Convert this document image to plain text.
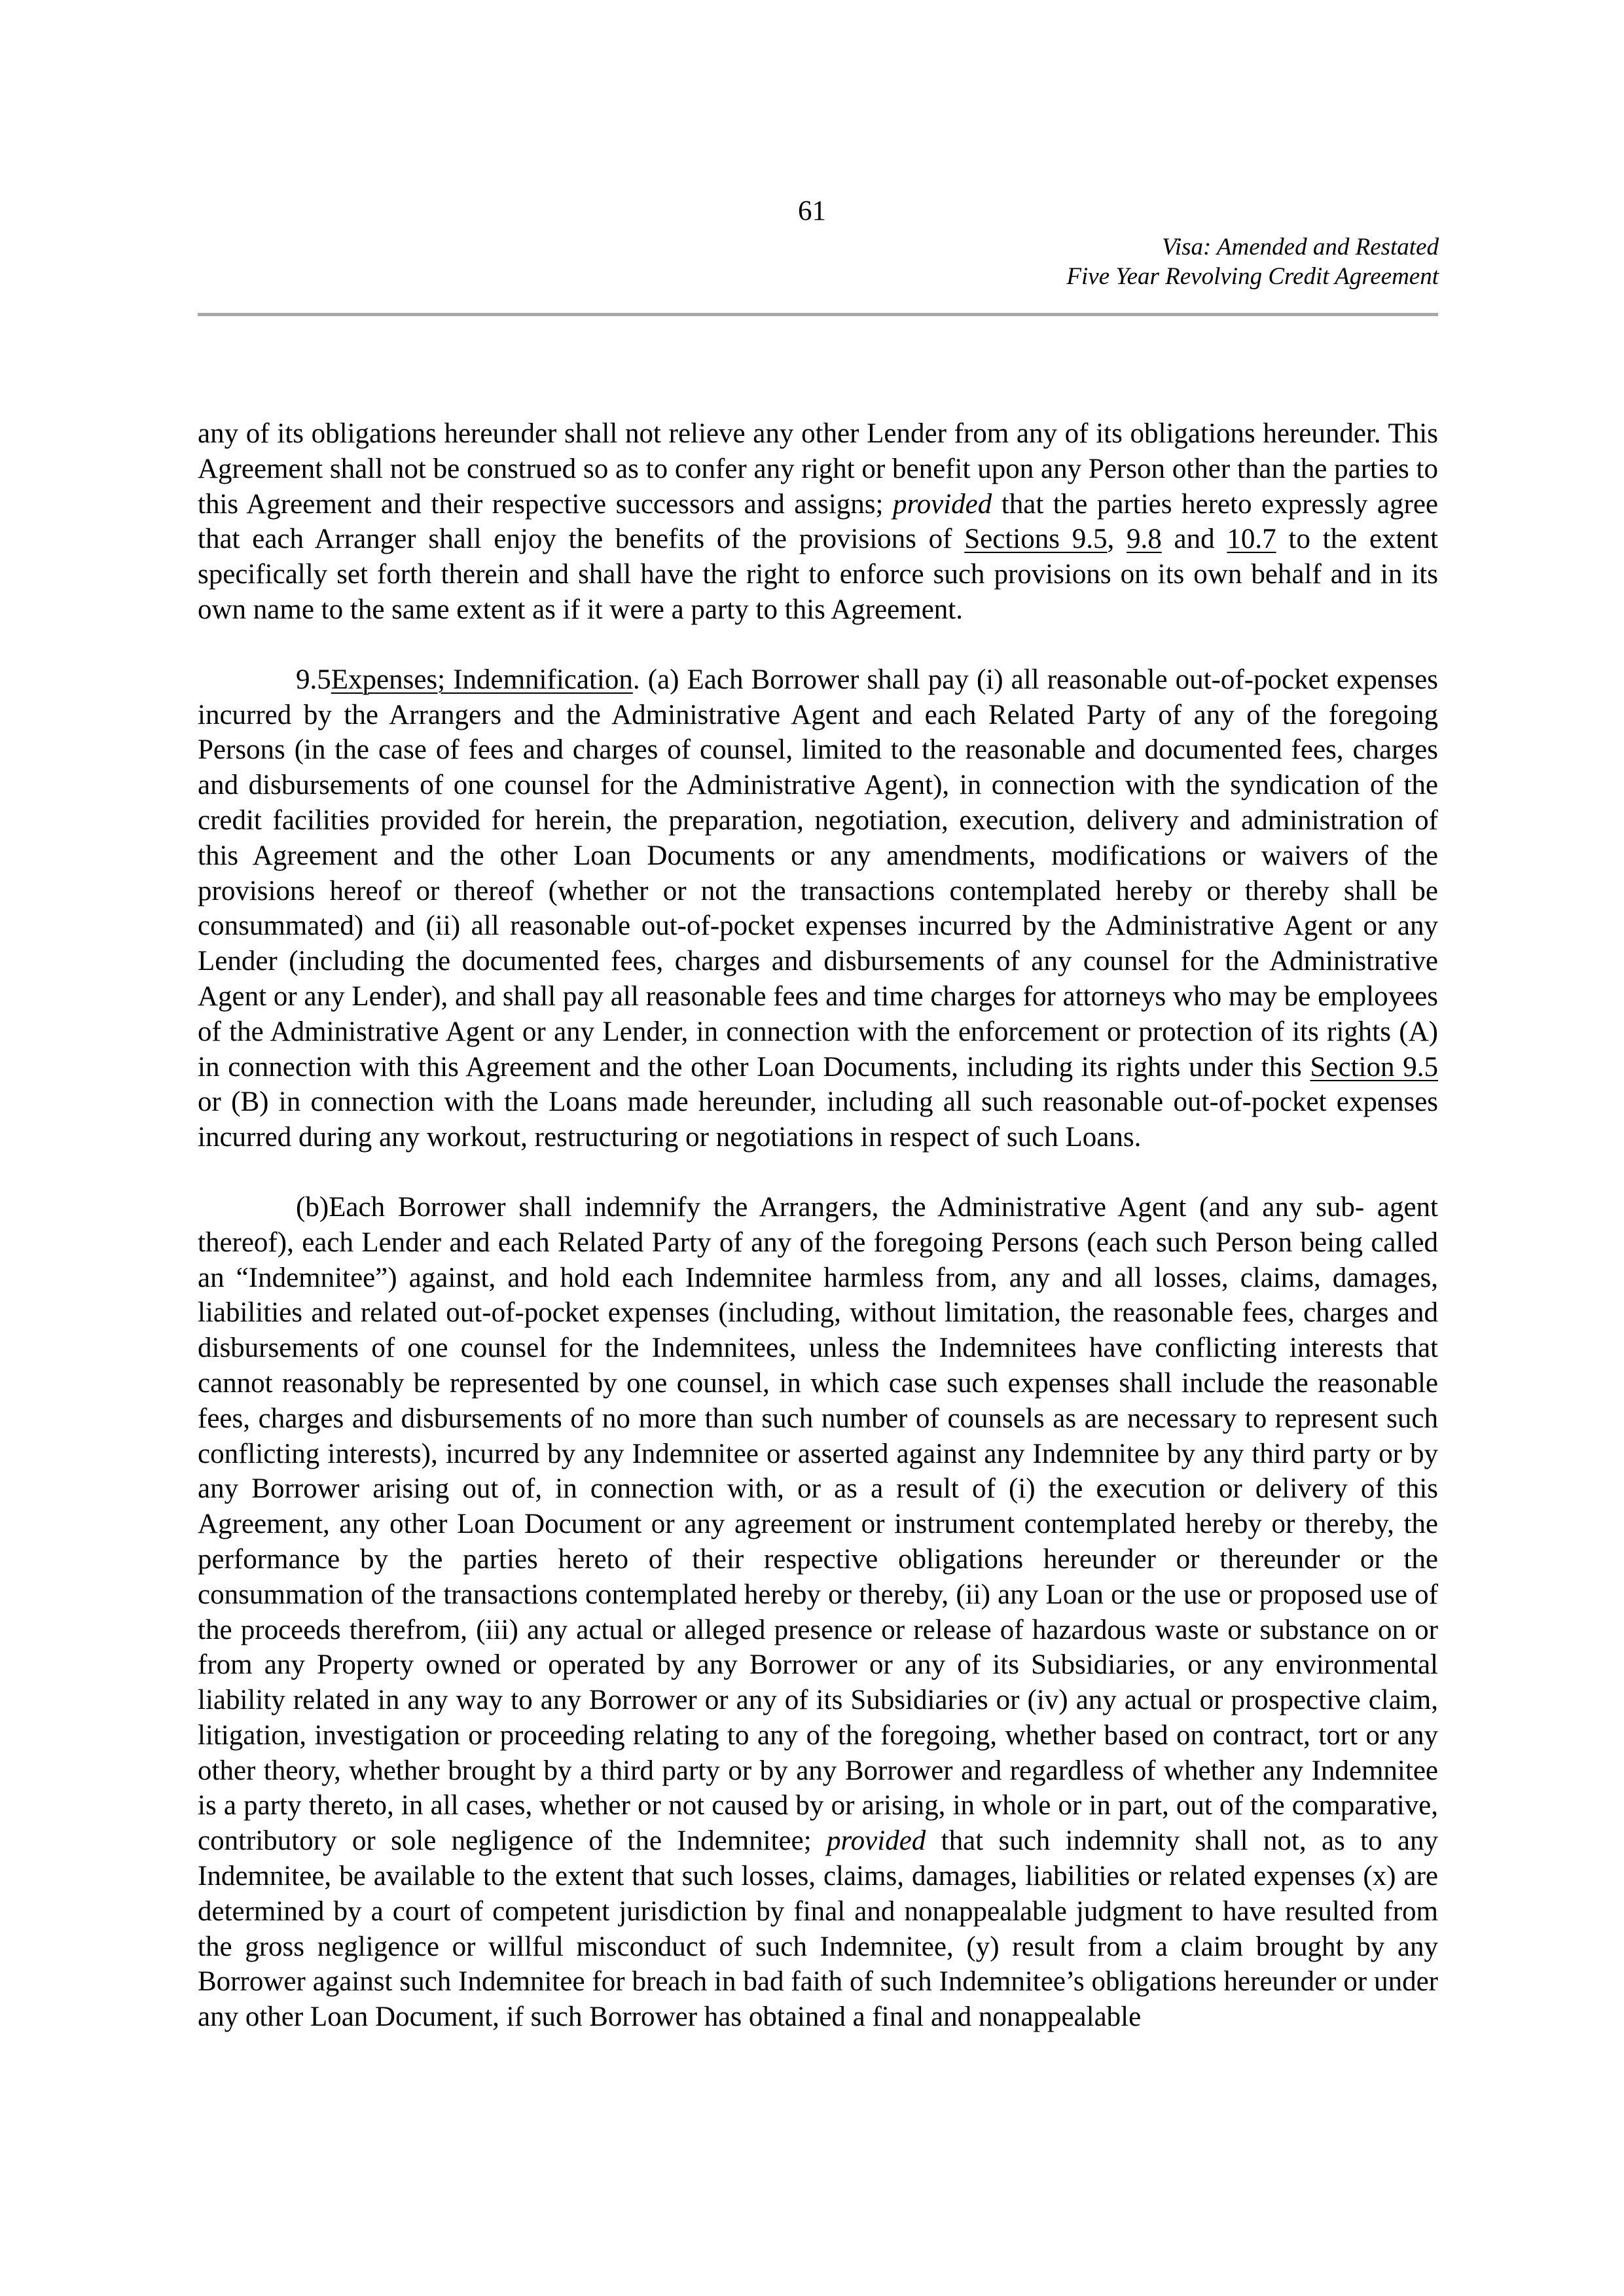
61
Visa: Amended and Restated
Five Year Revolving Credit Agreement

any of its obligations hereunder shall not relieve any other Lender from any of its obligations hereunder. This Agreement shall not be construed so as to confer any right or benefit upon any Person other than the parties to this Agreement and their respective successors and assigns; provided that the parties hereto expressly agree that each Arranger shall enjoy the benefits of the provisions of Sections 9.5, 9.8 and 10.7 to the extent specifically set forth therein and shall have the right to enforce such provisions on its own behalf and in its own name to the same extent as if it were a party to this Agreement.

9.5Expenses; Indemnification. (a) Each Borrower shall pay (i) all reasonable out-of-pocket expenses incurred by the Arrangers and the Administrative Agent and each Related Party of any of the foregoing Persons (in the case of fees and charges of counsel, limited to the reasonable and documented fees, charges and disbursements of one counsel for the Administrative Agent), in connection with the syndication of the credit facilities provided for herein, the preparation, negotiation, execution, delivery and administration of this Agreement and the other Loan Documents or any amendments, modifications or waivers of the provisions hereof or thereof (whether or not the transactions contemplated hereby or thereby shall be consummated) and (ii) all reasonable out-of-pocket expenses incurred by the Administrative Agent or any Lender (including the documented fees, charges and disbursements of any counsel for the Administrative Agent or any Lender), and shall pay all reasonable fees and time charges for attorneys who may be employees of the Administrative Agent or any Lender, in connection with the enforcement or protection of its rights (A) in connection with this Agreement and the other Loan Documents, including its rights under this Section 9.5 or (B) in connection with the Loans made hereunder, including all such reasonable out-of-pocket expenses incurred during any workout, restructuring or negotiations in respect of such Loans.

(b)Each Borrower shall indemnify the Arrangers, the Administrative Agent (and any sub- agent thereof), each Lender and each Related Party of any of the foregoing Persons (each such Person being called an “Indemnitee”) against, and hold each Indemnitee harmless from, any and all losses, claims, damages, liabilities and related out-of-pocket expenses (including, without limitation, the reasonable fees, charges and disbursements of one counsel for the Indemnitees, unless the Indemnitees have conflicting interests that cannot reasonably be represented by one counsel, in which case such expenses shall include the reasonable fees, charges and disbursements of no more than such number of counsels as are necessary to represent such conflicting interests), incurred by any Indemnitee or asserted against any Indemnitee by any third party or by any Borrower arising out of, in connection with, or as a result of (i) the execution or delivery of this Agreement, any other Loan Document or any agreement or instrument contemplated hereby or thereby, the performance by the parties hereto of their respective obligations hereunder or thereunder or the consummation of the transactions contemplated hereby or thereby, (ii) any Loan or the use or proposed use of the proceeds therefrom, (iii) any actual or alleged presence or release of hazardous waste or substance on or from any Property owned or operated by any Borrower or any of its Subsidiaries, or any environmental liability related in any way to any Borrower or any of its Subsidiaries or (iv) any actual or prospective claim, litigation, investigation or proceeding relating to any of the foregoing, whether based on contract, tort or any other theory, whether brought by a third party or by any Borrower and regardless of whether any Indemnitee is a party thereto, in all cases, whether or not caused by or arising, in whole or in part, out of the comparative, contributory or sole negligence of the Indemnitee; provided that such indemnity shall not, as to any Indemnitee, be available to the extent that such losses, claims, damages, liabilities or related expenses (x) are determined by a court of competent jurisdiction by final and nonappealable judgment to have resulted from the gross negligence or willful misconduct of such Indemnitee, (y) result from a claim brought by any Borrower against such Indemnitee for breach in bad faith of such Indemnitee’s obligations hereunder or under any other Loan Document, if such Borrower has obtained a final and nonappealable
